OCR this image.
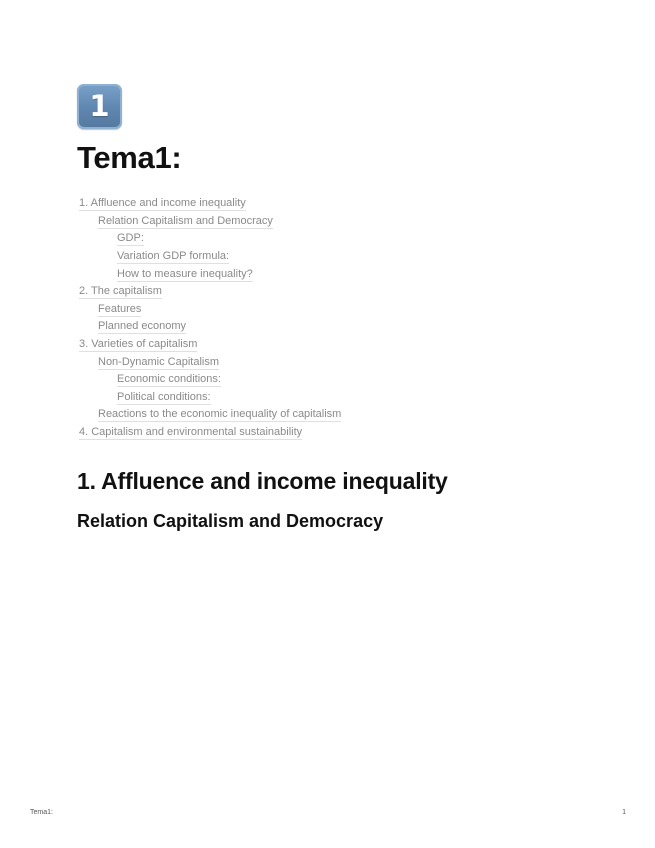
1
Tema1:
1. Affluence and income inequality
Relation Capitalism and Democracy
GDP:
Variation GDP formula:
How to measure inequality?
2. The capitalism
Features
Planned economy
3. Varieties of capitalism
Non-Dynamic Capitalism
Economic conditions:
Political conditions:
Reactions to the economic inequality of capitalism
4. Capitalism and environmental sustainability
1. Affluence and income inequality
Relation Capitalism and Democracy
Tema1:	1
